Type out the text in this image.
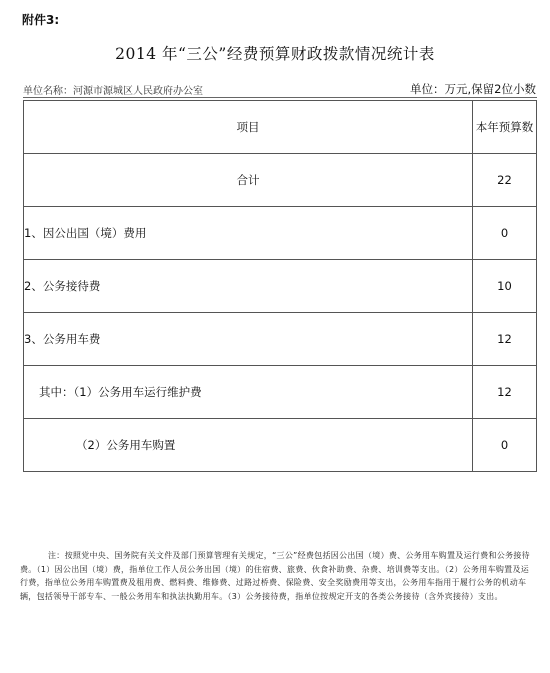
附件3:
2014 年“三公”经费预算财政拨款情况统计表
单位名称：河源市源城区人民政府办公室	单位：万元,保留2位小数
项目	本年预算数
合计	22
1、因公出国（境）费用	0
2、公务接待费	10
3、公务用车费	12
其中：（1）公务用车运行维护费	12
（2）公务用车购置	0
注：按照党中央、国务院有关文件及部门预算管理有关规定，“三公”经费包括因公出国（境）费、公务用车购置及运行费和公务接待费。（1）因公出国（境）费，指单位工作人员公务出国（境）的住宿费、旅费、伙食补助费、杂费、培训费等支出。（2）公务用车购置及运行费，指单位公务用车购置费及租用费、燃料费、维修费、过路过桥费、保险费、安全奖励费用等支出，公务用车指用于履行公务的机动车辆，包括领导干部专车、一般公务用车和执法执勤用车。（3）公务接待费，指单位按规定开支的各类公务接待（含外宾接待）支出。
